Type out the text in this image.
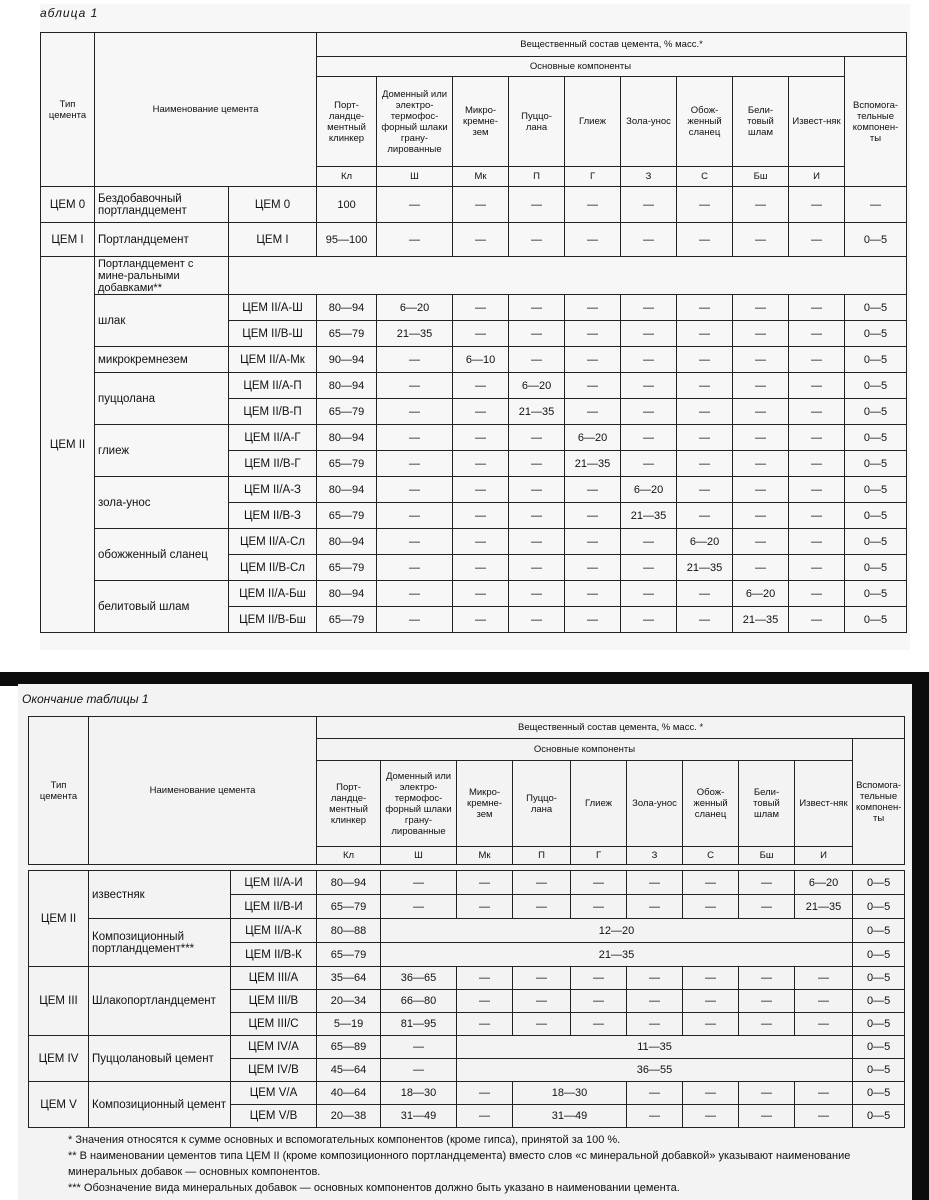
аблица 1
Тип цемента	Наименование цемента		Вещественный состав цемента, % масс.*									
			Основные компоненты									Вспомога-тельные компонен-ты
			Порт-ландце-ментный клинкер	Доменный или электро-термофос-форный шлаки грану-лированные	Микро-кремне-зем	Пуццо-лана	Глиеж	Зола-унос	Обож-женный сланец	Бели-товый шлам	Извест-няк	
			Кл	Ш	Мк	П	Г	З	С	Бш	И	
ЦЕМ 0	Бездобавочный портландцемент	ЦЕМ 0	100	—	—	—	—	—	—	—	—	—
ЦЕМ I	Портландцемент	ЦЕМ I	95—100	—	—	—	—	—	—	—	—	0—5
ЦЕМ II	Портландцемент с мине-ральными добавками**											
	шлак	ЦЕМ II/А-Ш	80—94	6—20	—	—	—	—	—	—	—	0—5
		ЦЕМ II/В-Ш	65—79	21—35	—	—	—	—	—	—	—	0—5
	микрокремнезем	ЦЕМ II/А-Мк	90—94	—	6—10	—	—	—	—	—	—	0—5
	пуццолана	ЦЕМ II/А-П	80—94	—	—	6—20	—	—	—	—	—	0—5
		ЦЕМ II/В-П	65—79	—	—	21—35	—	—	—	—	—	0—5
	глиеж	ЦЕМ II/А-Г	80—94	—	—	—	6—20	—	—	—	—	0—5
		ЦЕМ II/В-Г	65—79	—	—	—	21—35	—	—	—	—	0—5
	зола-унос	ЦЕМ II/А-З	80—94	—	—	—	—	6—20	—	—	—	0—5
		ЦЕМ II/В-З	65—79	—	—	—	—	21—35	—	—	—	0—5
	обожженный сланец	ЦЕМ II/А-Сл	80—94	—	—	—	—	—	6—20	—	—	0—5
		ЦЕМ II/В-Сл	65—79	—	—	—	—	—	21—35	—	—	0—5
	белитовый шлам	ЦЕМ II/А-Бш	80—94	—	—	—	—	—	—	6—20	—	0—5
		ЦЕМ II/В-Бш	65—79	—	—	—	—	—	—	21—35	—	0—5
Окончание таблицы 1
Тип цемента	Наименование цемента		Вещественный состав цемента, % масс. *									
			Основные компоненты									Вспомога-тельные компонен-ты
			Порт-ландце-ментный клинкер	Доменный или электро-термофос-форный шлаки грану-лированные	Микро-кремне-зем	Пуццо-лана	Глиеж	Зола-унос	Обож-женный сланец	Бели-товый шлам	Извест-няк	
			Кл	Ш	Мк	П	Г	З	С	Бш	И	

ЦЕМ II	известняк	ЦЕМ II/А-И	80—94	—	—	—	—	—	—	—	6—20	0—5
		ЦЕМ II/В-И	65—79	—	—	—	—	—	—	—	21—35	0—5
	Композиционный портландцемент***	ЦЕМ II/А-К	80—88	12—20								0—5
		ЦЕМ II/В-К	65—79	21—35								0—5
ЦЕМ III	Шлакопортландцемент	ЦЕМ III/А	35—64	36—65	—	—	—	—	—	—	—	0—5
		ЦЕМ III/В	20—34	66—80	—	—	—	—	—	—	—	0—5
		ЦЕМ III/С	5—19	81—95	—	—	—	—	—	—	—	0—5
ЦЕМ IV	Пуццолановый цемент	ЦЕМ IV/А	65—89	—	11—35							0—5
		ЦЕМ IV/В	45—64	—	36—55							0—5
ЦЕМ V	Композиционный цемент	ЦЕМ V/А	40—64	18—30	—	18—30		—	—	—	—	0—5
		ЦЕМ V/В	20—38	31—49	—	31—49		—	—	—	—	0—5

* Значения относятся к сумме основных и вспомогательных компонентов (кроме гипса), принятой за 100 %.

** В наименовании цементов типа ЦЕМ II (кроме композиционного портландцемента) вместо слов «с минеральной добавкой» указывают наименование минеральных добавок — основных компонентов.

*** Обозначение вида минеральных добавок — основных компонентов должно быть указано в наименовании цемента.
